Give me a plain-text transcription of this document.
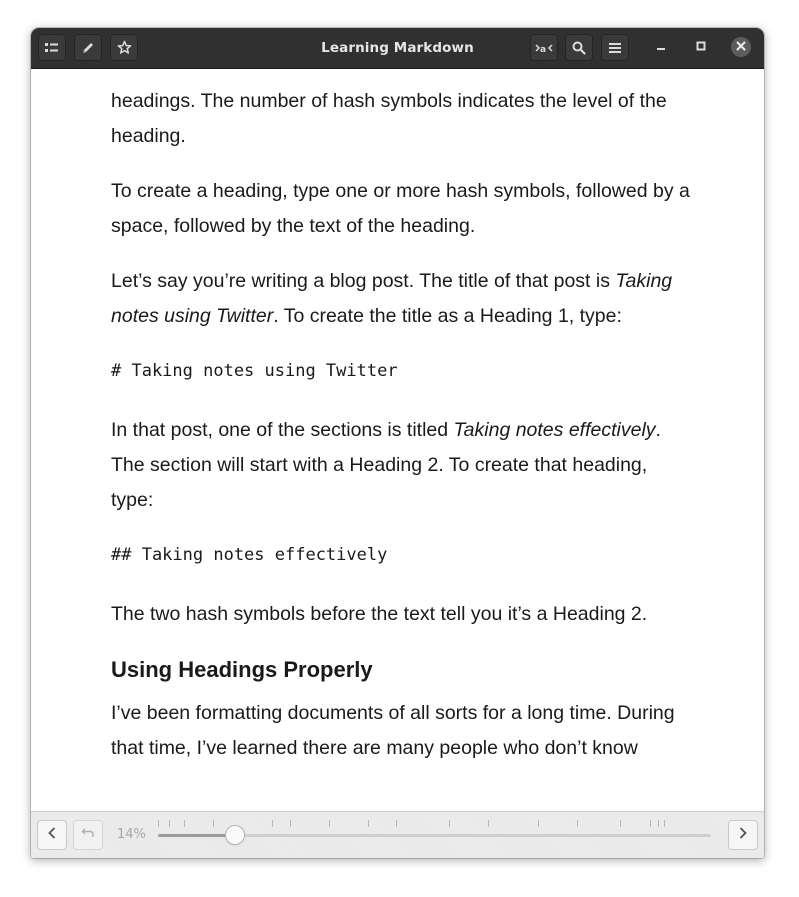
Learning Markdown	a

headings. The number of hash symbols indicates the level of the heading.

To create a heading, type one or more hash symbols, followed by a space, followed by the text of the heading.

Let’s say you’re writing a blog post. The title of that post is Taking notes using Twitter. To create the title as a Heading 1, type:

# Taking notes using Twitter

In that post, one of the sections is titled Taking notes effectively. The section will start with a Heading 2. To create that heading, type:

## Taking notes effectively

The two hash symbols before the text tell you it’s a Heading 2.

Using Headings Properly

I’ve been formatting documents of all sorts for a long time. During that time, I’ve learned there are many people who don’t know

14%
